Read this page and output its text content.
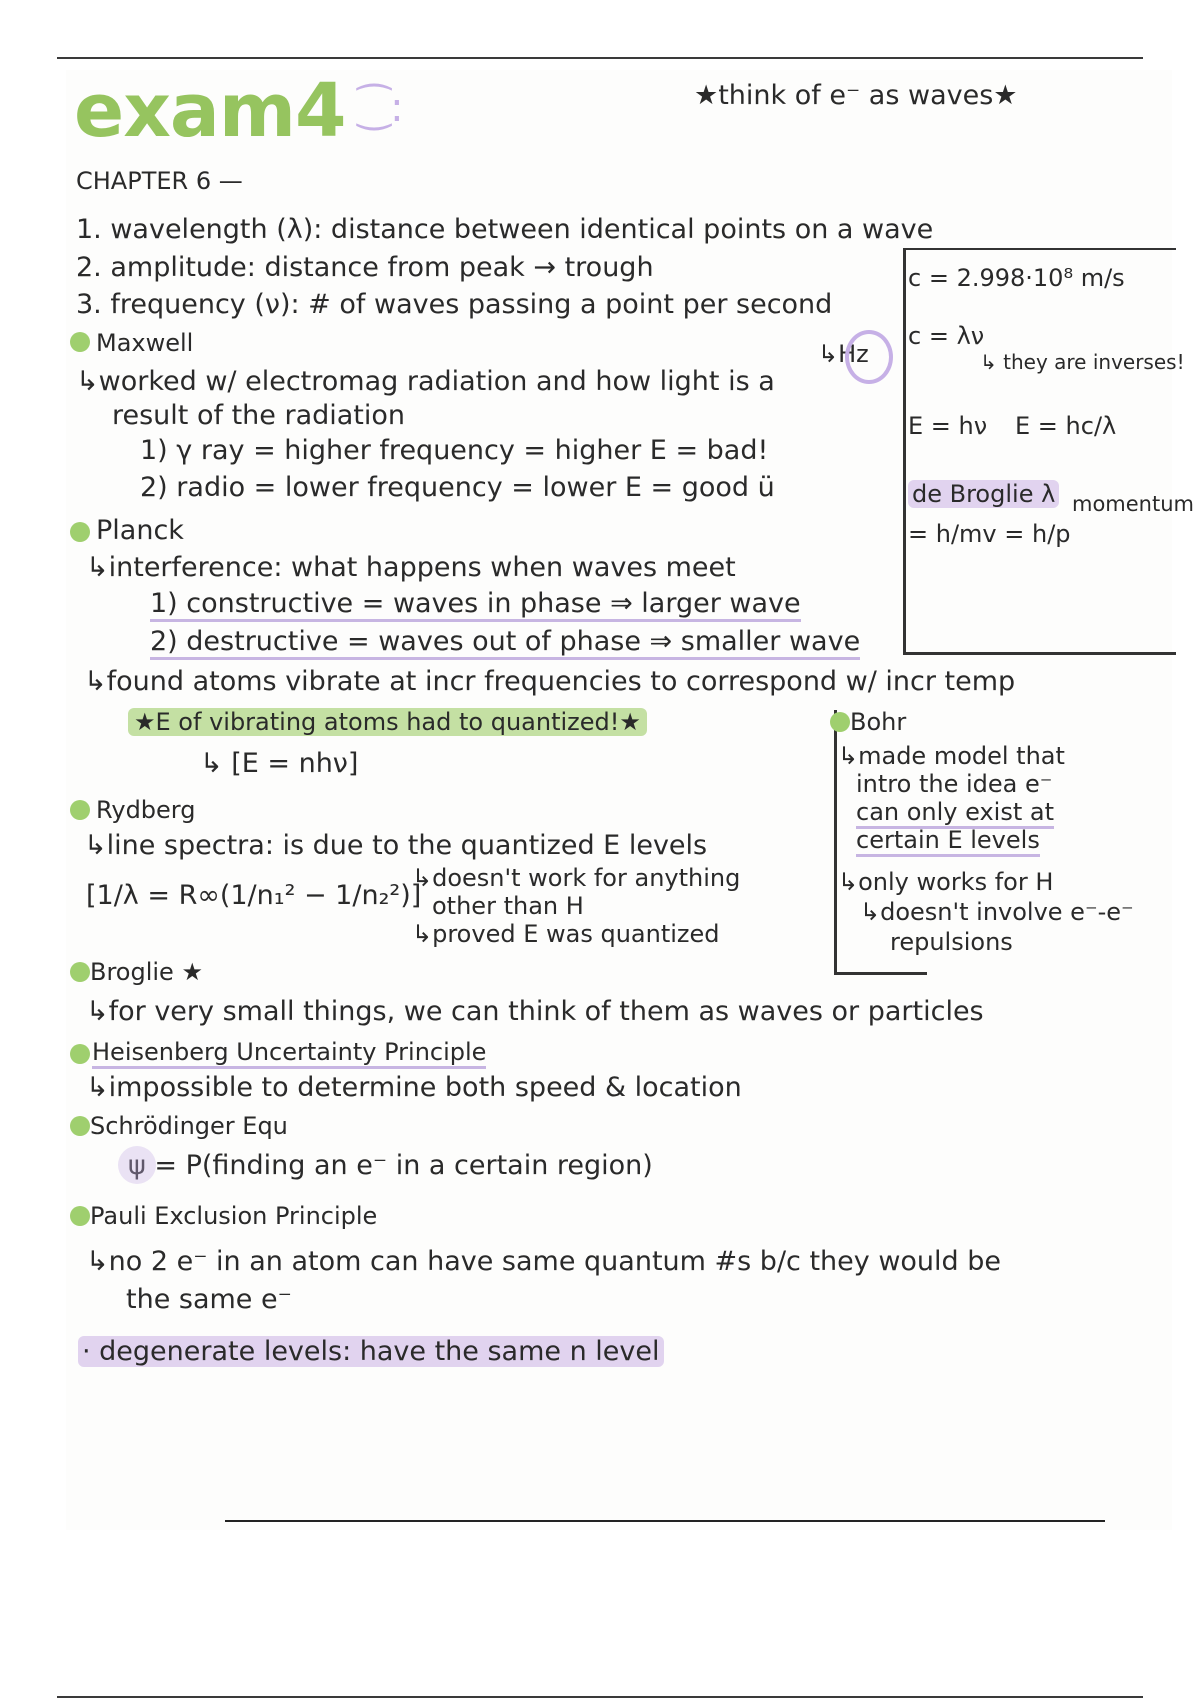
exam4 ⁐:	★think of e⁻ as waves★
CHAPTER 6 —
1. wavelength (λ): distance between identical points on a wave
2. amplitude: distance from peak → trough
3. frequency (ν): # of waves passing a point per second
↳Hz
c = 2.998·10⁸ m/s
c = λν
↳ they are inverses!
E = hν E = hc/λ
de Broglie λ
= h/mv = h/p
momentum
Maxwell
↳worked w/ electromag radiation and how light is a
result of the radiation
1) γ ray = higher frequency = higher E = bad!
2) radio = lower frequency = lower E = good ü
Planck
↳interference: what happens when waves meet
1) constructive = waves in phase ⇒ larger wave
2) destructive = waves out of phase ⇒ smaller wave
↳found atoms vibrate at incr frequencies to correspond w/ incr temp
★E of vibrating atoms had to quantized!★
↳ [E = nhν]
Bohr
↳made model that
intro the idea e⁻
can only exist at
certain E levels
↳only works for H
↳doesn't involve e⁻-e⁻
repulsions
Rydberg
↳line spectra: is due to the quantized E levels
[1/λ = R∞(1/n₁² − 1/n₂²)]
↳doesn't work for anything
other than H
↳proved E was quantized
Broglie ★
↳for very small things, we can think of them as waves or particles
Heisenberg Uncertainty Principle
↳impossible to determine both speed & location
Schrödinger Equ
ψ = P(finding an e⁻ in a certain region)
Pauli Exclusion Principle
↳no 2 e⁻ in an atom can have same quantum #s b/c they would be
the same e⁻
· degenerate levels: have the same n level
